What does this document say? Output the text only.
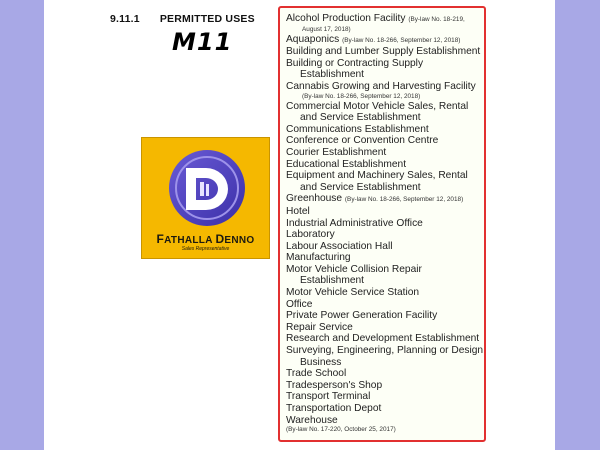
9.11.1 PERMITTED USES
M11
FATHALLA DENNO
Sales Representative
Alcohol Production Facility (By-law No. 18-219,
August 17, 2018)
Aquaponics (By-law No. 18-266, September 12, 2018)
Building and Lumber Supply Establishment
Building or Contracting Supply
Establishment
Cannabis Growing and Harvesting Facility
(By-law No. 18-266, September 12, 2018)
Commercial Motor Vehicle Sales, Rental
and Service Establishment
Communications Establishment
Conference or Convention Centre
Courier Establishment
Educational Establishment
Equipment and Machinery Sales, Rental
and Service Establishment
Greenhouse (By-law No. 18-266, September 12, 2018)
Hotel
Industrial Administrative Office
Laboratory
Labour Association Hall
Manufacturing
Motor Vehicle Collision Repair
Establishment
Motor Vehicle Service Station
Office
Private Power Generation Facility
Repair Service
Research and Development Establishment
Surveying, Engineering, Planning or Design
Business
Trade School
Tradesperson's Shop
Transport Terminal
Transportation Depot
Warehouse
(By-law No. 17-220, October 25, 2017)
